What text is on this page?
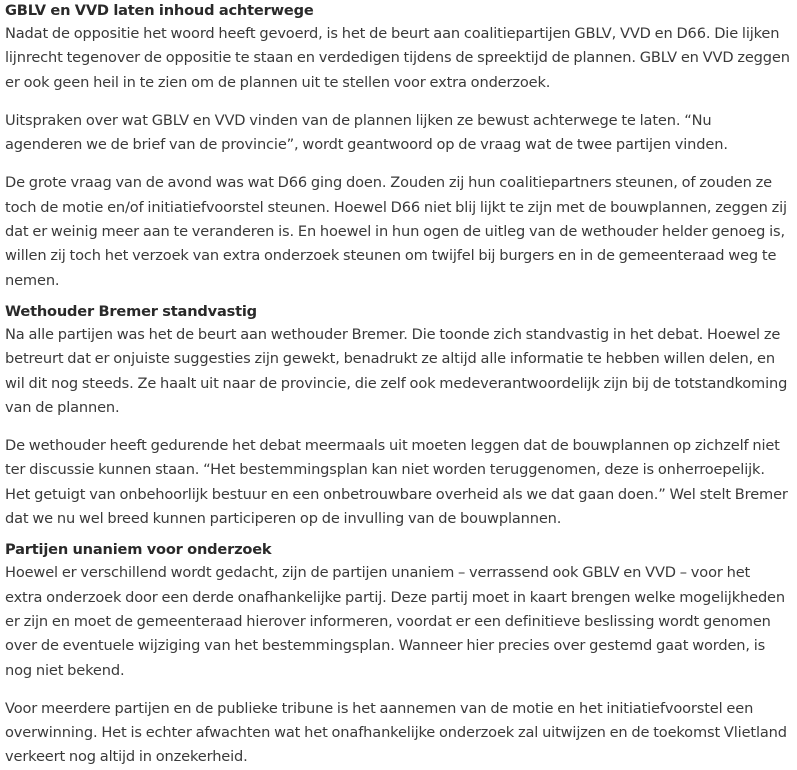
GBLV en VVD laten inhoud achterwege

Nadat de oppositie het woord heeft gevoerd, is het de beurt aan coalitiepartijen GBLV, VVD en D66. Die lijken lijnrecht tegenover de oppositie te staan en verdedigen tijdens de spreektijd de plannen. GBLV en VVD zeggen er ook geen heil in te zien om de plannen uit te stellen voor extra onderzoek.

Uitspraken over wat GBLV en VVD vinden van de plannen lijken ze bewust achterwege te laten. “Nu agenderen we de brief van de provincie”, wordt geantwoord op de vraag wat de twee partijen vinden.

De grote vraag van de avond was wat D66 ging doen. Zouden zij hun coalitiepartners steunen, of zouden ze toch de motie en/of initiatiefvoorstel steunen. Hoewel D66 niet blij lijkt te zijn met de bouwplannen, zeggen zij dat er weinig meer aan te veranderen is. En hoewel in hun ogen de uitleg van de wethouder helder genoeg is, willen zij toch het verzoek van extra onderzoek steunen om twijfel bij burgers en in de gemeenteraad weg te nemen.

Wethouder Bremer standvastig

Na alle partijen was het de beurt aan wethouder Bremer. Die toonde zich standvastig in het debat. Hoewel ze betreurt dat er onjuiste suggesties zijn gewekt, benadrukt ze altijd alle informatie te hebben willen delen, en wil dit nog steeds. Ze haalt uit naar de provincie, die zelf ook medeverantwoordelijk zijn bij de totstandkoming van de plannen.

De wethouder heeft gedurende het debat meermaals uit moeten leggen dat de bouwplannen op zichzelf niet ter discussie kunnen staan. “Het bestemmingsplan kan niet worden teruggenomen, deze is onherroepelijk. Het getuigt van onbehoorlijk bestuur en een onbetrouwbare overheid als we dat gaan doen.” Wel stelt Bremer dat we nu wel breed kunnen participeren op de invulling van de bouwplannen.

Partijen unaniem voor onderzoek

Hoewel er verschillend wordt gedacht, zijn de partijen unaniem – verrassend ook GBLV en VVD – voor het extra onderzoek door een derde onafhankelijke partij. Deze partij moet in kaart brengen welke mogelijkheden er zijn en moet de gemeenteraad hierover informeren, voordat er een definitieve beslissing wordt genomen over de eventuele wijziging van het bestemmingsplan. Wanneer hier precies over gestemd gaat worden, is nog niet bekend.

Voor meerdere partijen en de publieke tribune is het aannemen van de motie en het initiatiefvoorstel een overwinning. Het is echter afwachten wat het onafhankelijke onderzoek zal uitwijzen en de toekomst Vlietland verkeert nog altijd in onzekerheid.
